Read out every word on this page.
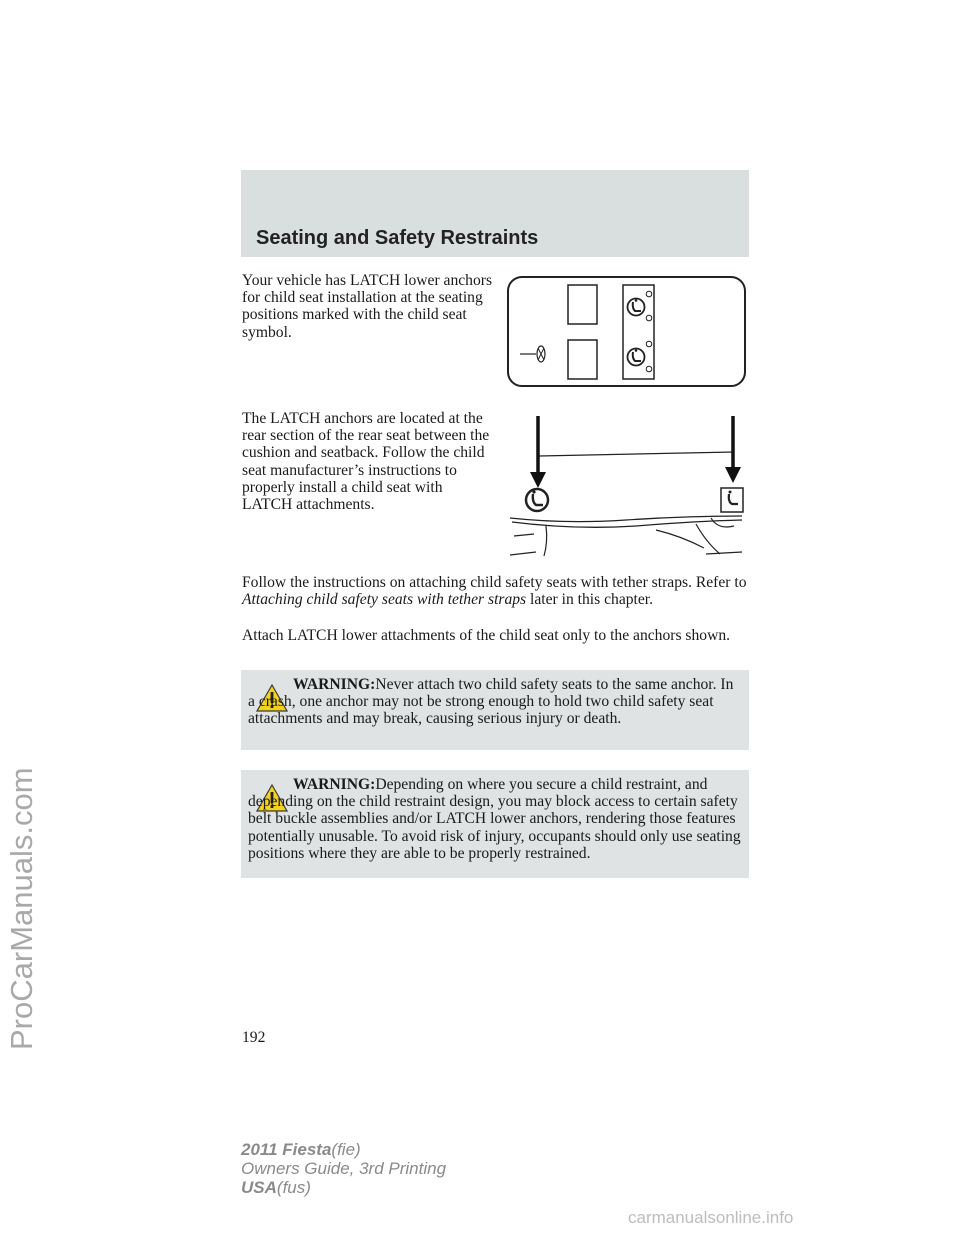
ProCarManuals.com
Seating and Safety Restraints

Your vehicle has LATCH lower anchors for child seat installation at the seating positions marked with the child seat symbol.

The LATCH anchors are located at the rear section of the rear seat between the cushion and seatback. Follow the child seat manufacturer’s instructions to properly install a child seat with LATCH attachments.

Follow the instructions on attaching child safety seats with tether straps. Refer to Attaching child safety seats with tether straps later in this chapter.

Attach LATCH lower attachments of the child seat only to the anchors shown.

WARNING:Never attach two child safety seats to the same anchor. In a crash, one anchor may not be strong enough to hold two child safety seat attachments and may break, causing serious injury or death.

WARNING:Depending on where you secure a child restraint, and depending on the child restraint design, you may block access to certain safety belt buckle assemblies and/or LATCH lower anchors, rendering those features potentially unusable. To avoid risk of injury, occupants should only use seating positions where they are able to be properly restrained.

192
2011 Fiesta(fie)
Owners Guide, 3rd Printing
USA(fus)
carmanualsonline.info
